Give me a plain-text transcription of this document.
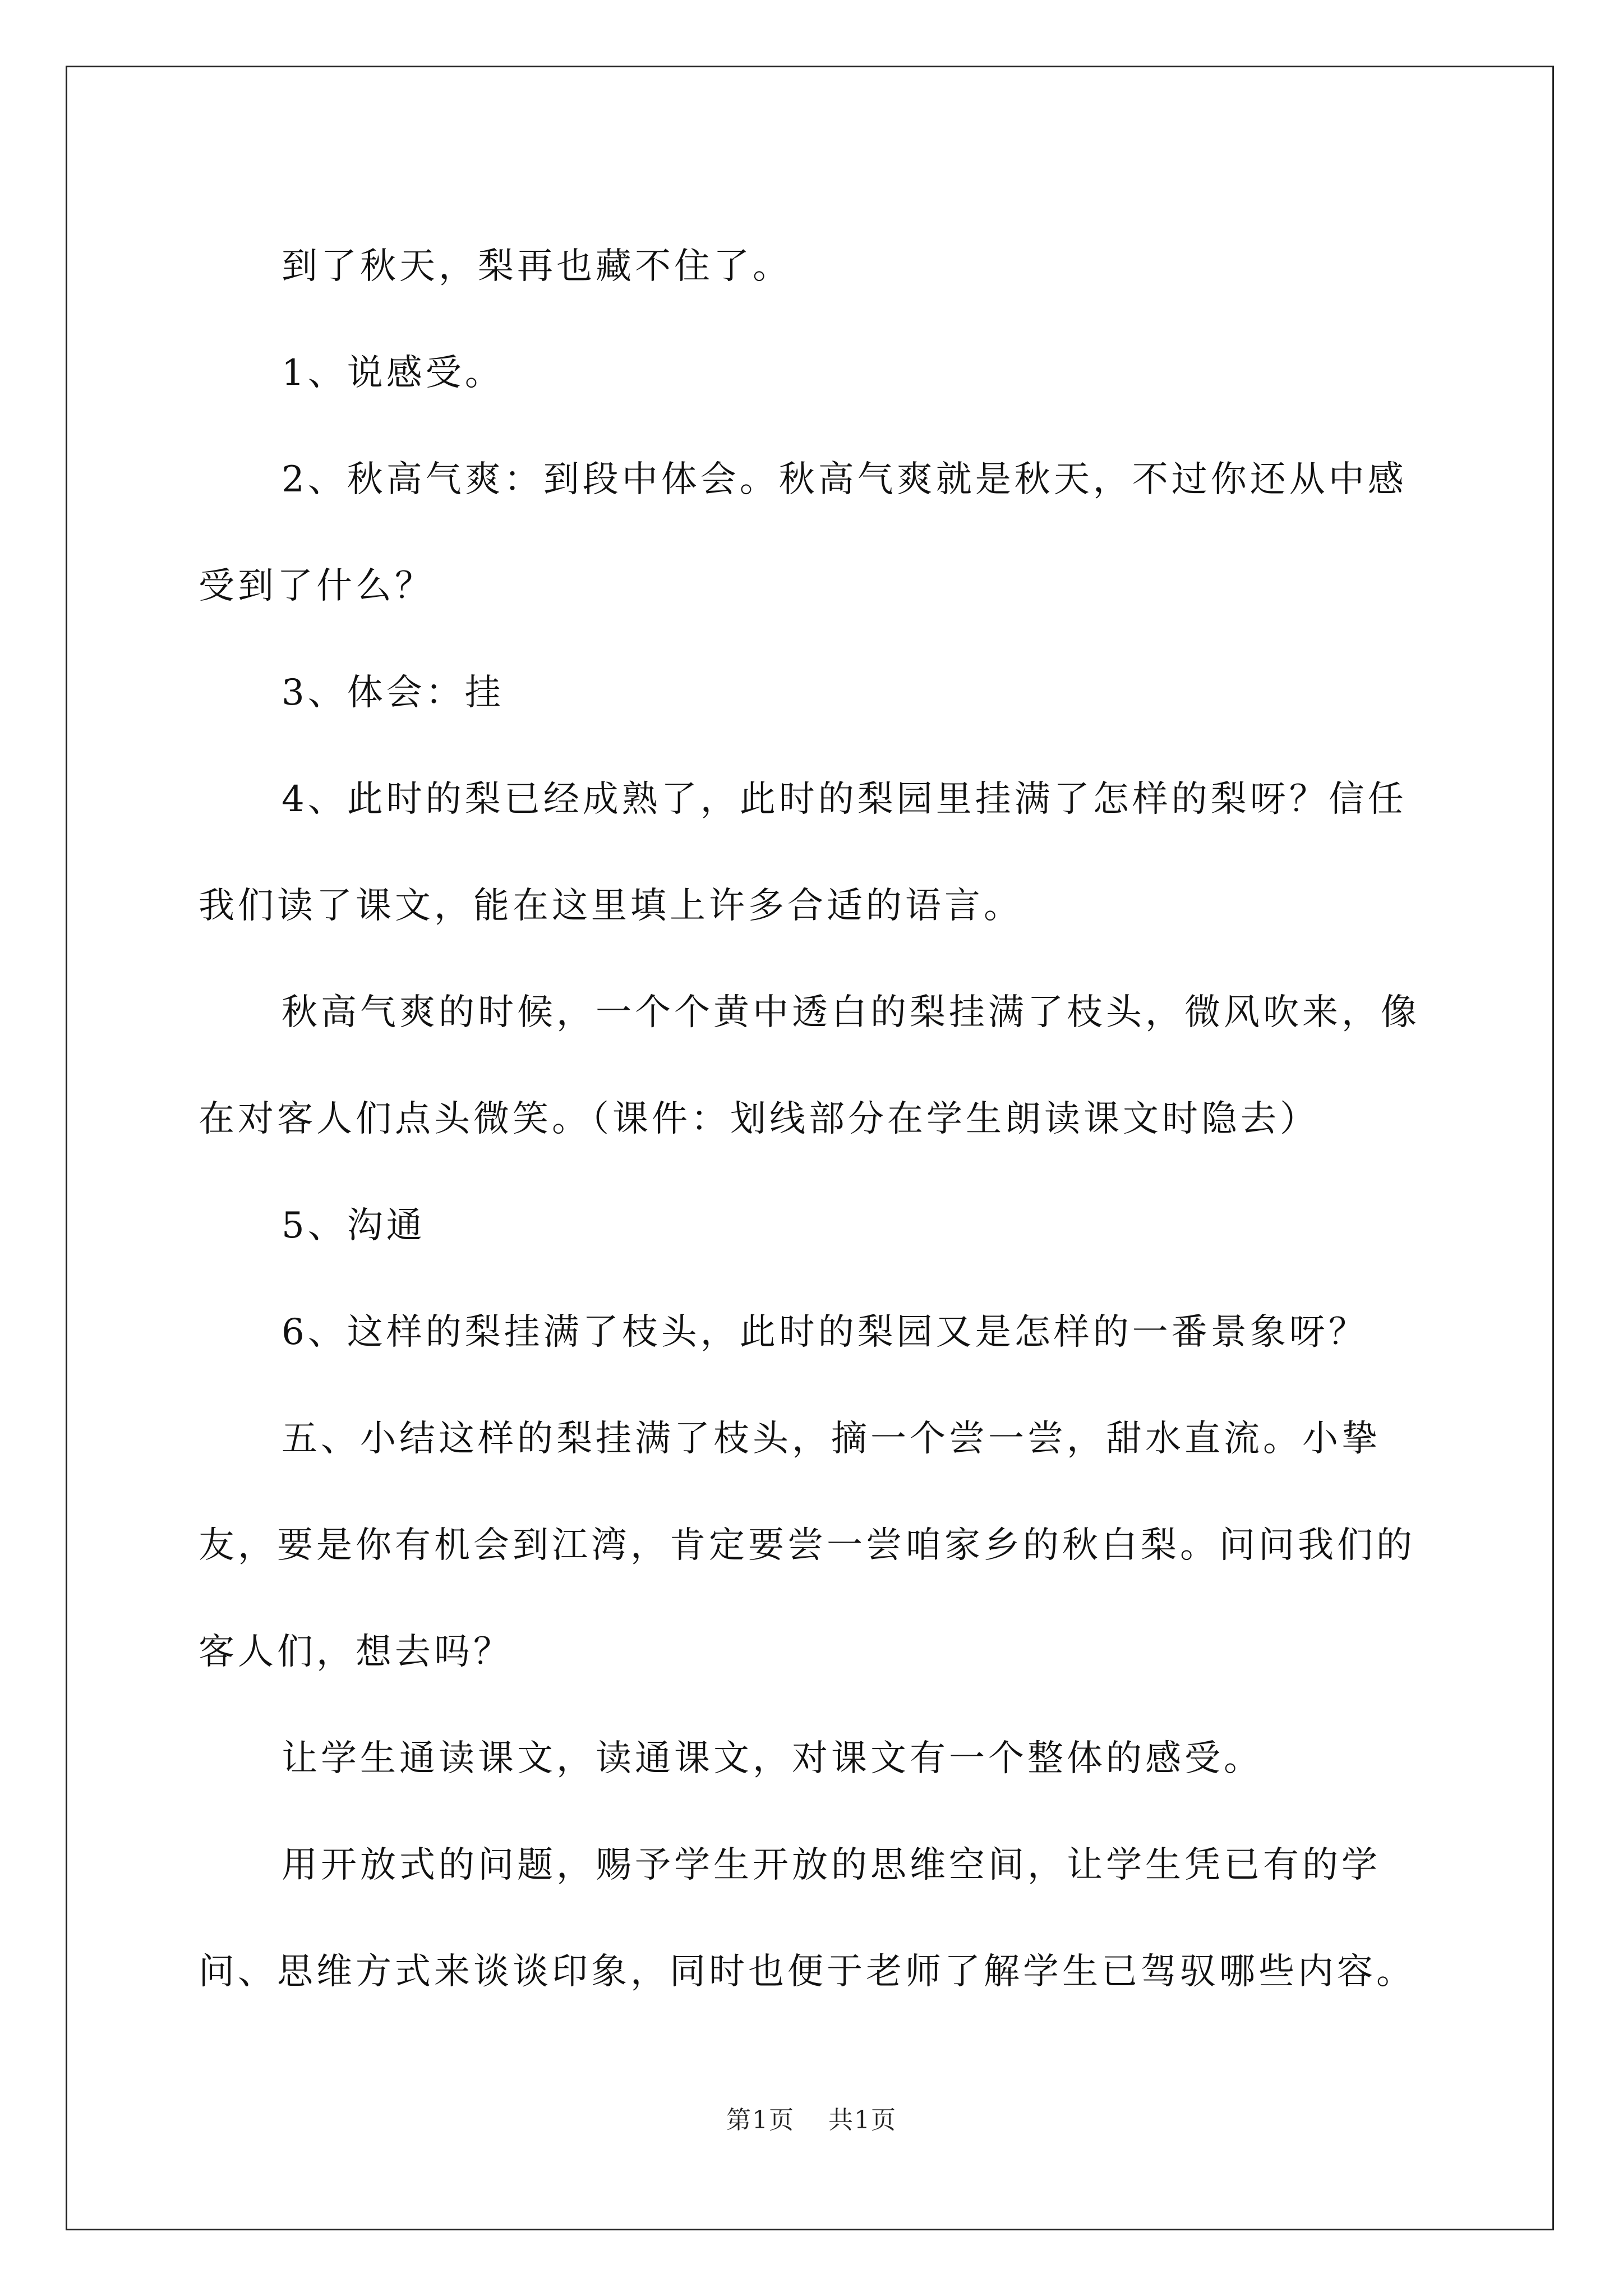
到了秋天，梨再也藏不住了。

1、说感受。

2、秋高气爽：到段中体会。秋高气爽就是秋天，不过你还从中感受到了什么？

3、体会：挂

4、此时的梨已经成熟了，此时的梨园里挂满了怎样的梨呀？信任我们读了课文，能在这里填上许多合适的语言。

秋高气爽的时候，一个个黄中透白的梨挂满了枝头，微风吹来，像在对客人们点头微笑。（课件：划线部分在学生朗读课文时隐去）

5、沟通

6、这样的梨挂满了枝头，此时的梨园又是怎样的一番景象呀？

五、小结这样的梨挂满了枝头，摘一个尝一尝，甜水直流。小挚友，要是你有机会到江湾，肯定要尝一尝咱家乡的秋白梨。问问我们的客人们，想去吗？

让学生通读课文，读通课文，对课文有一个整体的感受。

用开放式的问题，赐予学生开放的思维空间，让学生凭已有的学问、思维方式来谈谈印象，同时也便于老师了解学生已驾驭哪些内容。

第1页 共1页
